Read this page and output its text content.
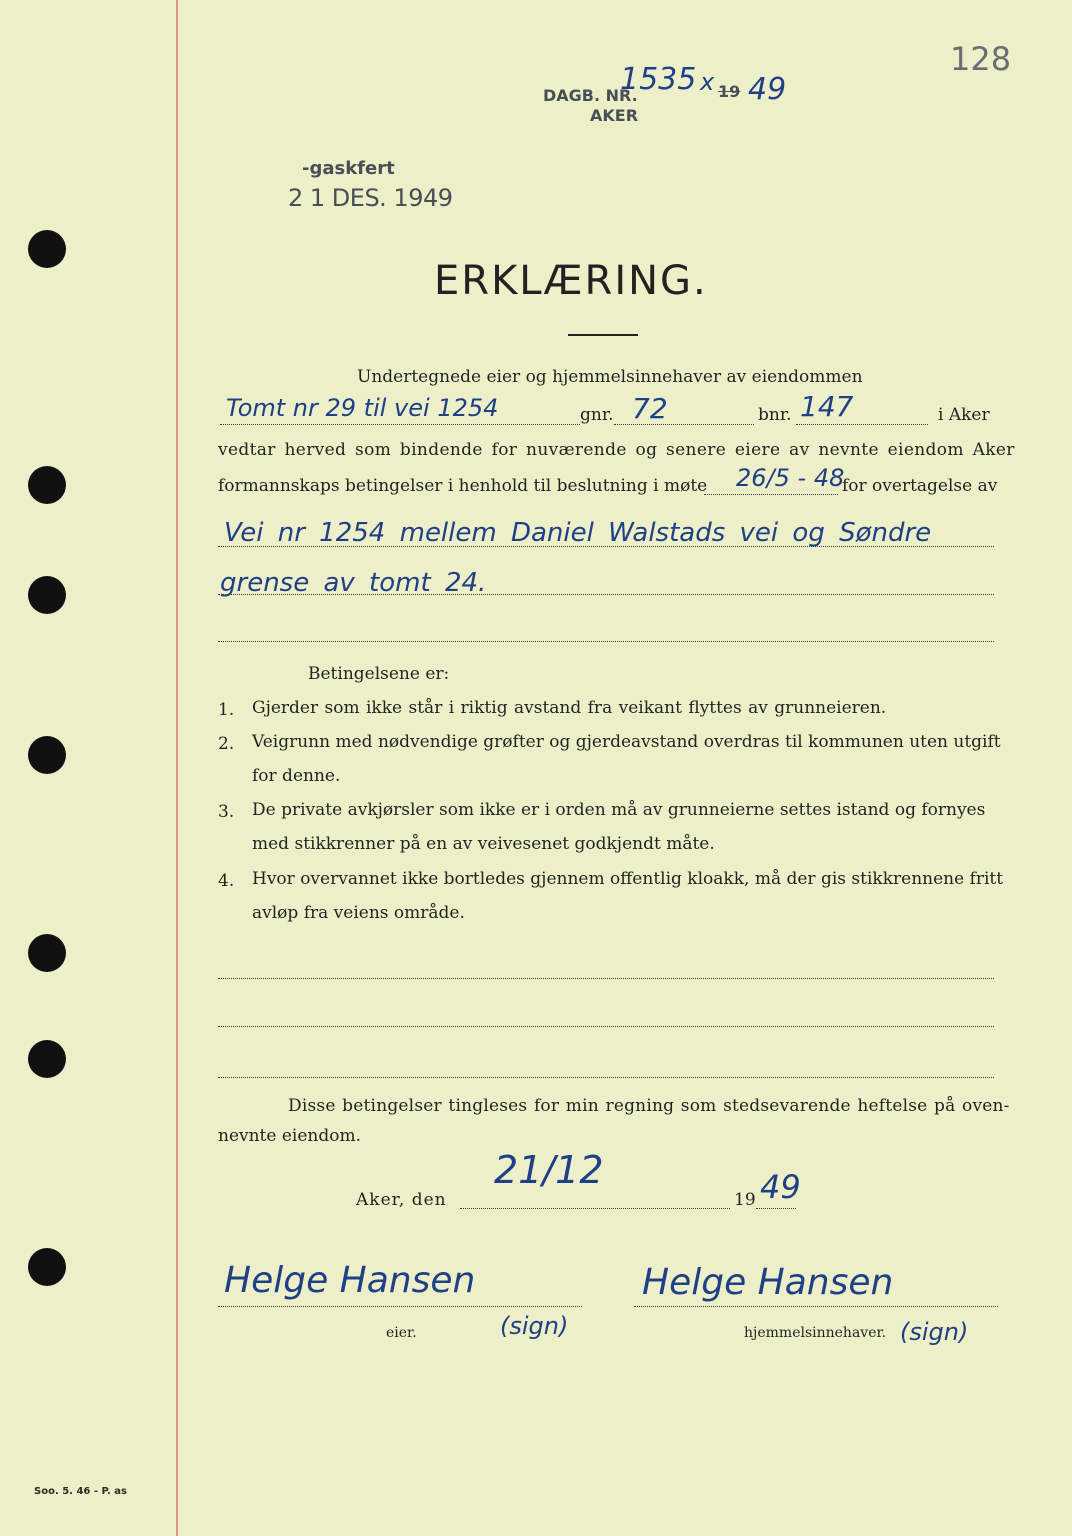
128
DAGB. NR.
1535 x 19 49
AKER
-gaskfert
2 1 DES. 1949
ERKLÆRING.
Undertegnede eier og hjemmelsinnehaver av eiendommen
Tomt nr 29 til vei 1254	gnr. 72	bnr. 147	i Aker
vedtar herved som bindende for nuværende og senere eiere av nevnte eiendom Aker
formannskaps betingelser i henhold til beslutning i møte 26/5 - 48
for overtagelse av
Vei nr 1254 mellem Daniel Walstads vei og Søndre
grense av tomt 24.
Betingelsene er:
1. Gjerder som ikke står i riktig avstand fra veikant flyttes av grunneieren.
2. Veigrunn med nødvendige grøfter og gjerdeavstand overdras til kommunen uten utgift
for denne.
3. De private avkjørsler som ikke er i orden må av grunneierne settes istand og fornyes
med stikkrenner på en av veivesenet godkjendt måte.
4. Hvor overvannet ikke bortledes gjennem offentlig kloakk, må der gis stikkrennene fritt
avløp fra veiens område.
Disse betingelser tingleses for min regning som stedsevarende heftelse på oven-
nevnte eiendom.
Aker, den
21/12
19 49
Helge Hansen
eier.	(sign)
Helge Hansen
hjemmelsinnehaver. (sign)
Soo. 5. 46 - P. as
